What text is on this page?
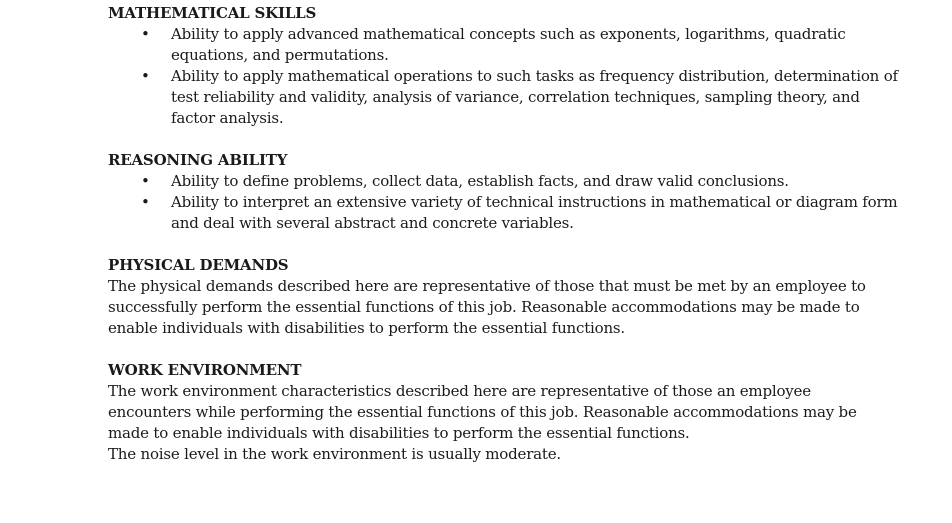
MATHEMATICAL SKILLS
• Ability to apply advanced mathematical concepts such as exponents, logarithms, quadratic equations, and permutations.
• Ability to apply mathematical operations to such tasks as frequency distribution, determination of test reliability and validity, analysis of variance, correlation techniques, sampling theory, and factor analysis.
REASONING ABILITY
• Ability to define problems, collect data, establish facts, and draw valid conclusions.
• Ability to interpret an extensive variety of technical instructions in mathematical or diagram form and deal with several abstract and concrete variables.
PHYSICAL DEMANDS

The physical demands described here are representative of those that must be met by an employee to successfully perform the essential functions of this job. Reasonable accommodations may be made to enable individuals with disabilities to perform the essential functions.

WORK ENVIRONMENT

The work environment characteristics described here are representative of those an employee encounters while performing the essential functions of this job. Reasonable accommodations may be made to enable individuals with disabilities to perform the essential functions.

The noise level in the work environment is usually moderate.
